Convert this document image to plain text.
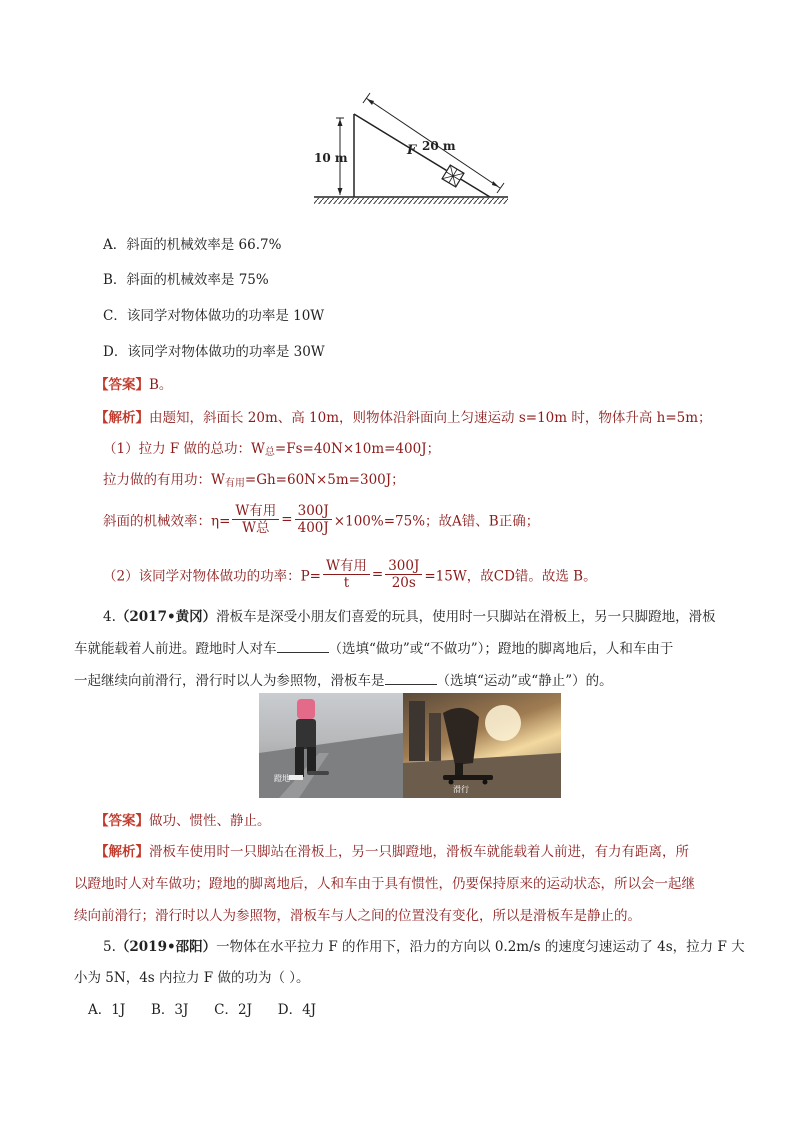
10 m
20 m
F
A．斜面的机械效率是 66.7%
B．斜面的机械效率是 75%
C．该同学对物体做功的功率是 10W
D．该同学对物体做功的功率是 30W
【答案】B。
【解析】由题知，斜面长 20m、高 10m，则物体沿斜面向上匀速运动 s=10m 时，物体升高 h=5m；
（1）拉力 F 做的总功：$W_总=Fs=40N\times 10m=400J$；
拉力做的有用功：$W_{有用}=Gh=60N\times 5m=300J$；
斜面的机械效率：$\eta= \frac{\text{W有用}}{\text{W总}} = \frac{300J}{400J} \times 100\%=75\%$；故A错、B正确；
（2）该同学对物体做功的功率：$P= \frac{\text{W有用}}{t} = \frac{300J}{20s} =15W$，故CD错。故选 B。
4.（2017•黄冈）滑板车是深受小朋友们喜爱的玩具，使用时一只脚站在滑板上，另一只脚蹬地，滑板
车就能载着人前进。蹬地时人对车	（选填“做功”或“不做功”）；蹬地的脚离地后，人和车由于
一起继续向前滑行，滑行时以人为参照物，滑板车是	（选填“运动”或“静止”）的。
蹬地
滑行
【答案】做功、惯性、静止。
【解析】滑板车使用时一只脚站在滑板上，另一只脚蹬地，滑板车就能载着人前进，有力有距离，所
以蹬地时人对车做功；蹬地的脚离地后，人和车由于具有惯性，仍要保持原来的运动状态，所以会一起继
续向前滑行；滑行时以人为参照物，滑板车与人之间的位置没有变化，所以是滑板车是静止的。
5.（2019•邵阳）一物体在水平拉力 F 的作用下，沿力的方向以 0.2m/s 的速度匀速运动了 4s，拉力 F 大
小为 5N，4s 内拉力 F 做的功为（ ）。
A．1J      B．3J      C．2J      D．4J
